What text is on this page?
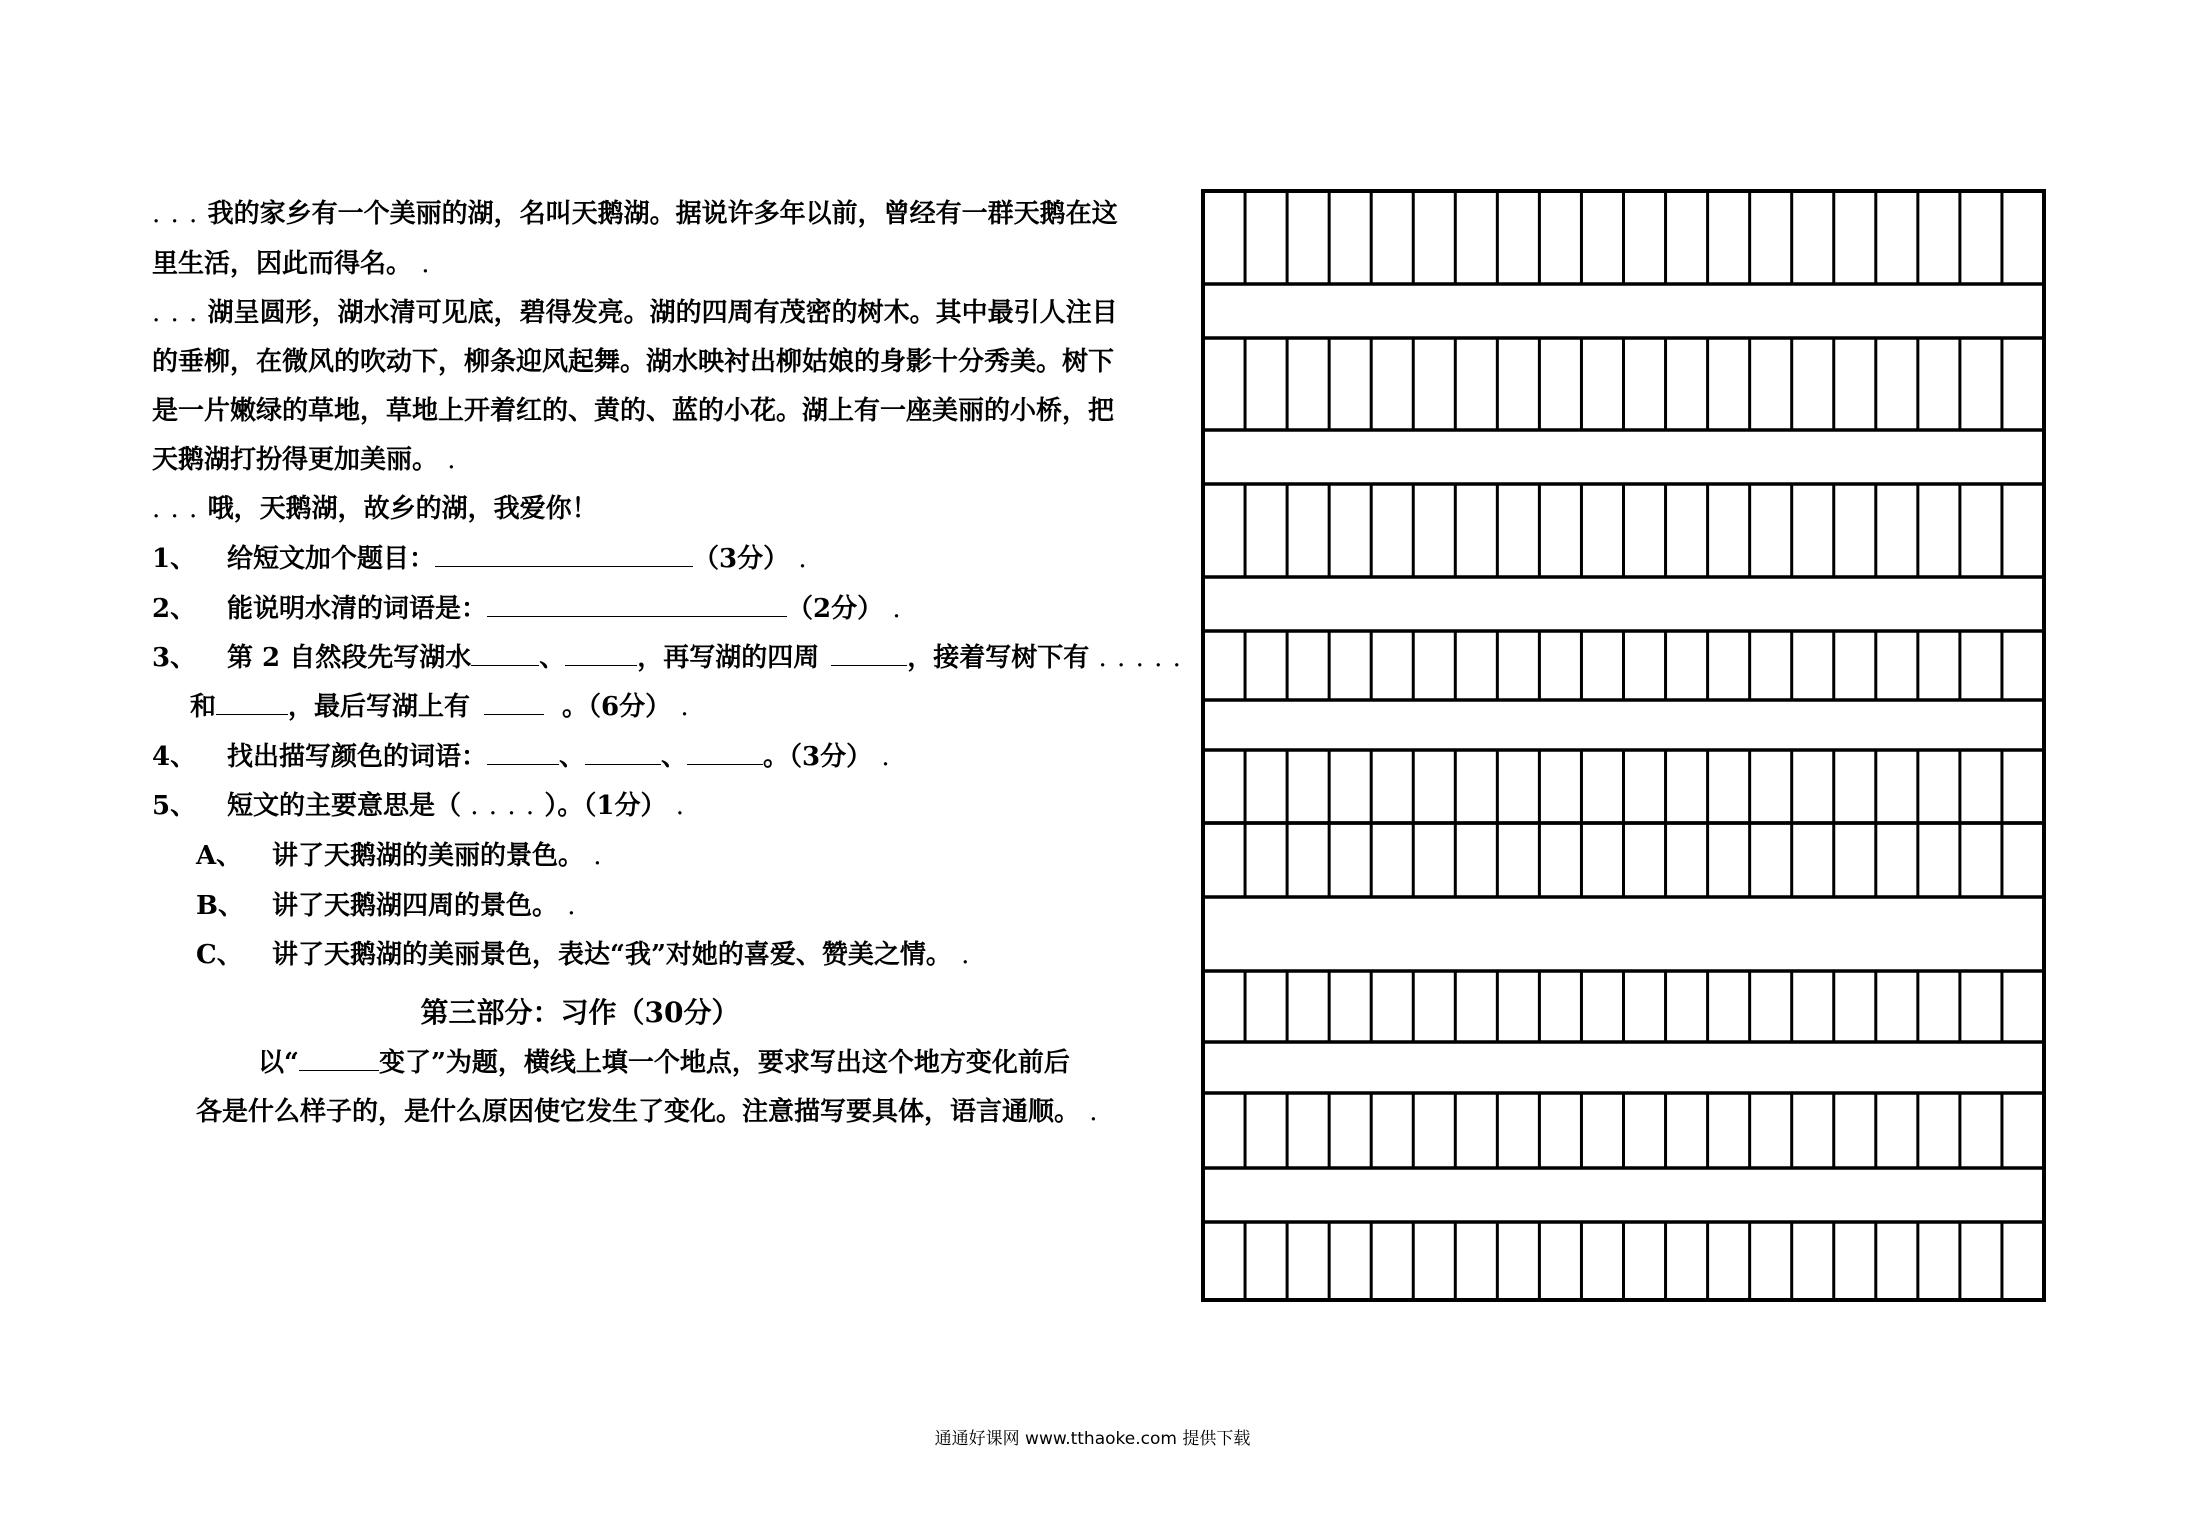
. . . 我的家乡有一个美丽的湖，名叫天鹅湖。据说许多年以前，曾经有一群天鹅在这
里生活，因此而得名。 .
. . . 湖呈圆形，湖水清可见底，碧得发亮。湖的四周有茂密的树木。其中最引人注目
的垂柳，在微风的吹动下，柳条迎风起舞。湖水映衬出柳姑娘的身影十分秀美。树下
是一片嫩绿的草地，草地上开着红的、黄的、蓝的小花。湖上有一座美丽的小桥，把
天鹅湖打扮得更加美丽。 .
. . . 哦，天鹅湖，故乡的湖，我爱你！
1、 给短文加个题目：	（3分） .
2、 能说明水清的词语是：	（2分） .
3、 第 2 自然段先写湖水	、	，再写湖的四周	，接着写树下有 . . . . .
和	，最后写湖上有	。（6分） .
4、 找出描写颜色的词语：	、	、	。（3分） .
5、 短文的主要意思是（ . . . . ）。（1分） .
A、 讲了天鹅湖的美丽的景色。 .
B、 讲了天鹅湖四周的景色。 .
C、 讲了天鹅湖的美丽景色，表达“我”对她的喜爱、赞美之情。 .
第三部分：习作（30分）
以“	变了”为题，横线上填一个地点，要求写出这个地方变化前后
各是什么样子的，是什么原因使它发生了变化。注意描写要具体，语言通顺。 .
通通好课网 www.tthaoke.com 提供下载
